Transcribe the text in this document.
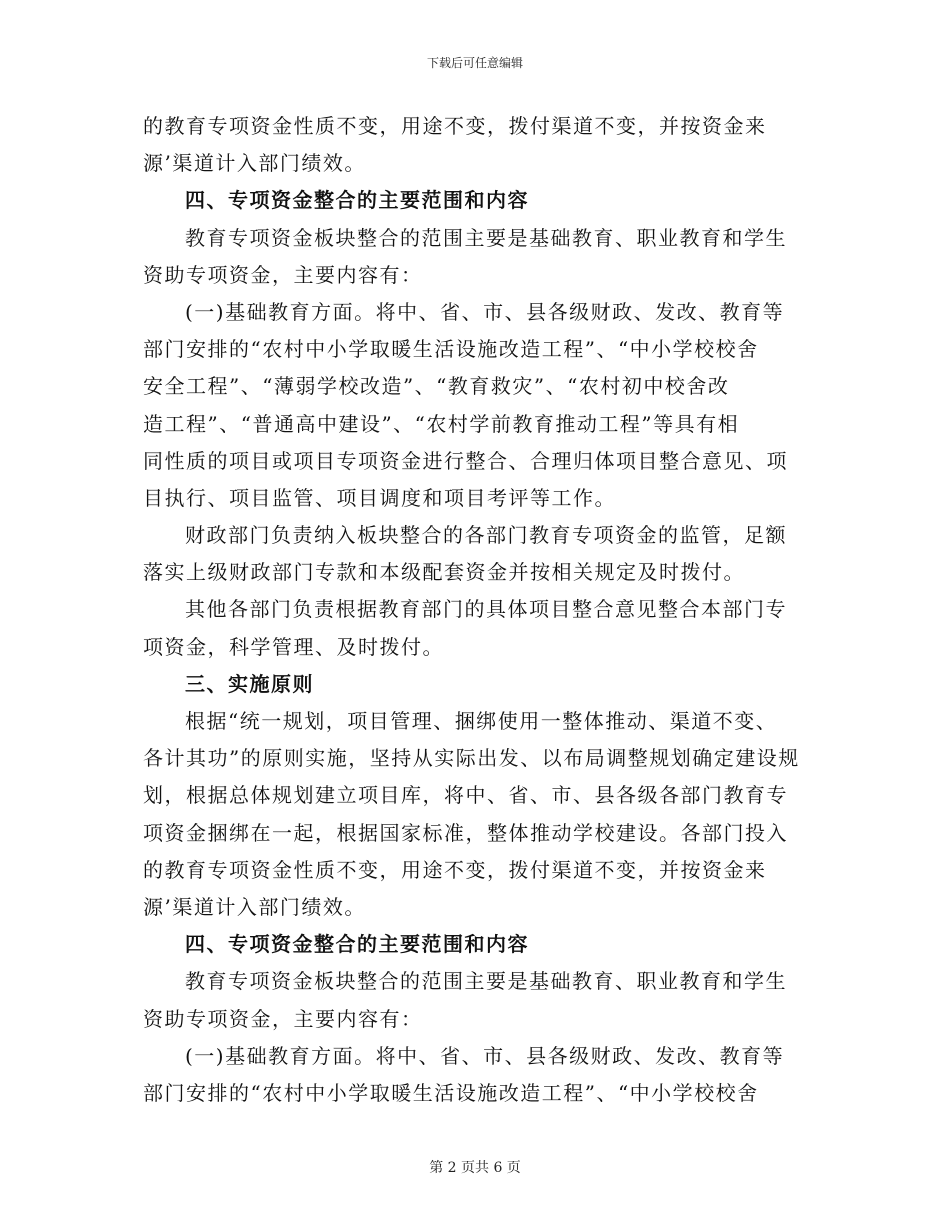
下载后可任意编辑
的教育专项资金性质不变，用途不变，拨付渠道不变，并按资金来
源’渠道计入部门绩效。
四、专项资金整合的主要范围和内容
教育专项资金板块整合的范围主要是基础教育、职业教育和学生
资助专项资金，主要内容有：
(一)基础教育方面。将中、省、市、县各级财政、发改、教育等
部门安排的“农村中小学取暖生活设施改造工程”、“中小学校校舍
安全工程”、“薄弱学校改造”、“教育救灾”、“农村初中校舍改
造工程”、“普通高中建设”、“农村学前教育推动工程”等具有相
同性质的项目或项目专项资金进行整合、合理归体项目整合意见、项
目执行、项目监管、项目调度和项目考评等工作。
财政部门负责纳入板块整合的各部门教育专项资金的监管，足额
落实上级财政部门专款和本级配套资金并按相关规定及时拨付。
其他各部门负责根据教育部门的具体项目整合意见整合本部门专
项资金，科学管理、及时拨付。
三、实施原则
根据“统一规划，项目管理、捆绑使用一整体推动、渠道不变、
各计其功”的原则实施，坚持从实际出发、以布局调整规划确定建设规
划，根据总体规划建立项目库，将中、省、市、县各级各部门教育专
项资金捆绑在一起，根据国家标准，整体推动学校建设。各部门投入
的教育专项资金性质不变，用途不变，拨付渠道不变，并按资金来
源’渠道计入部门绩效。
四、专项资金整合的主要范围和内容
教育专项资金板块整合的范围主要是基础教育、职业教育和学生
资助专项资金，主要内容有：
(一)基础教育方面。将中、省、市、县各级财政、发改、教育等
部门安排的“农村中小学取暖生活设施改造工程”、“中小学校校舍
第 2 页共 6 页
